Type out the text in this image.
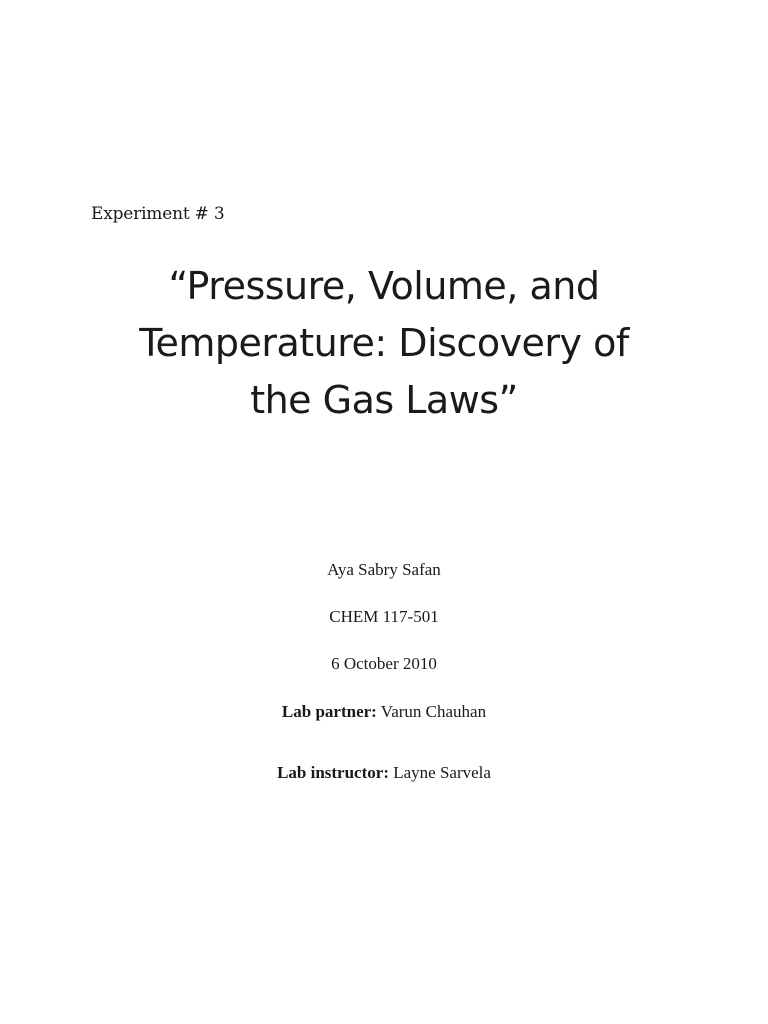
Experiment # 3
“Pressure, Volume, and
Temperature: Discovery of
the Gas Laws”
Aya Sabry Safan
CHEM 117-501
6 October 2010
Lab partner: Varun Chauhan
Lab instructor: Layne Sarvela
